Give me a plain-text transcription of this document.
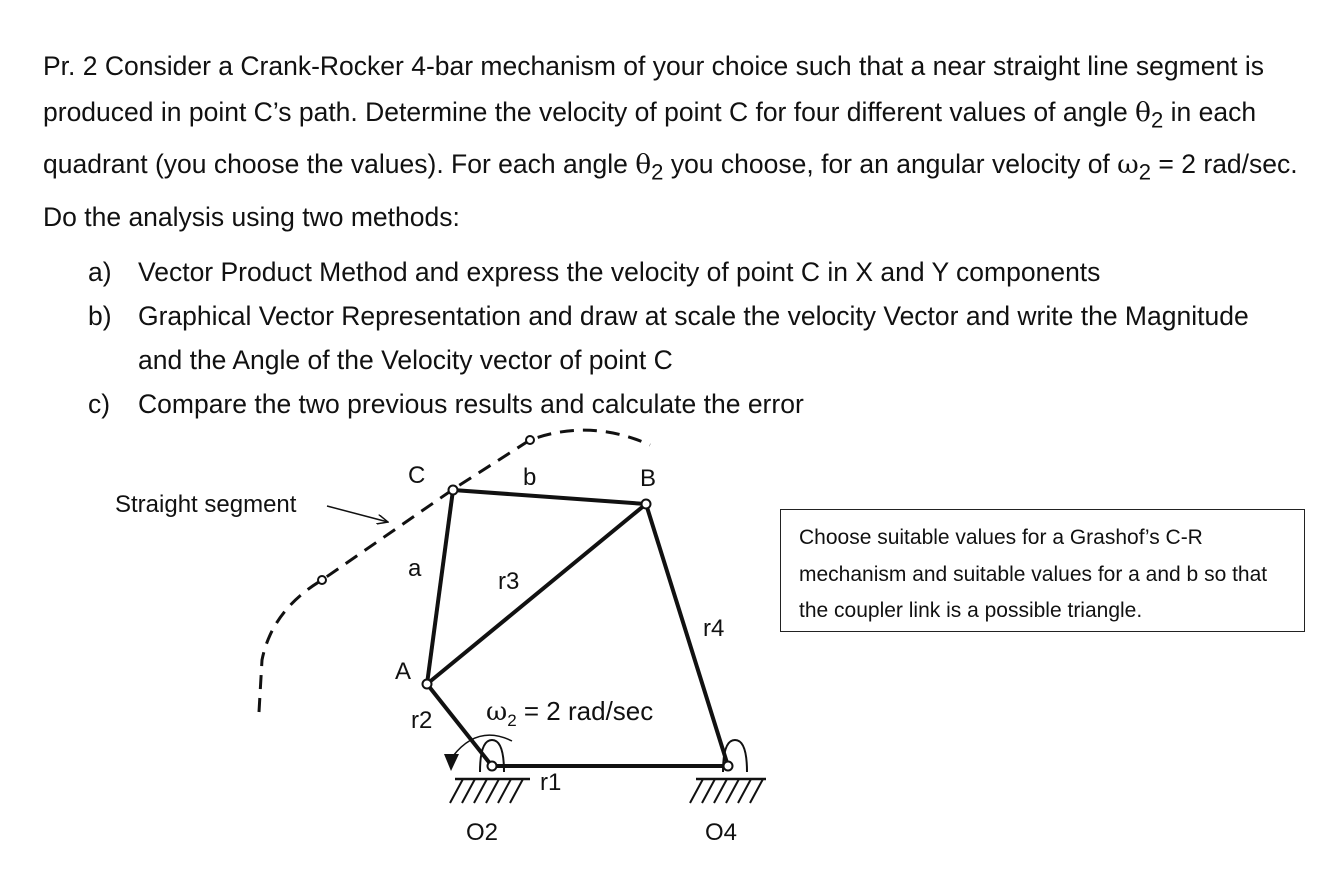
Pr. 2 Consider a Crank-Rocker 4-bar mechanism of your choice such that a near straight line segment is produced in point C’s path. Determine the velocity of point C for four different values of angle $\theta_2$ in each quadrant (you choose the values). For each angle $\theta_2$ you choose, for an angular velocity of $\omega_2 = 2$ rad/sec. Do the analysis using two methods:

a) Vector Product Method and express the velocity of point C in X and Y components
b) Graphical Vector Representation and draw at scale the velocity Vector and write the Magnitude and the Angle of the Velocity vector of point C
c)	Compare the two previous results and calculate the error
Choose suitable values for a Grashof’s C-R mechanism and suitable values for a and b so that the coupler link is a possible triangle.
Straight segment
C	B
A
b
a	r3
r4
r2
r1
O2	O4
$\omega_2 = 2$ rad/sec
